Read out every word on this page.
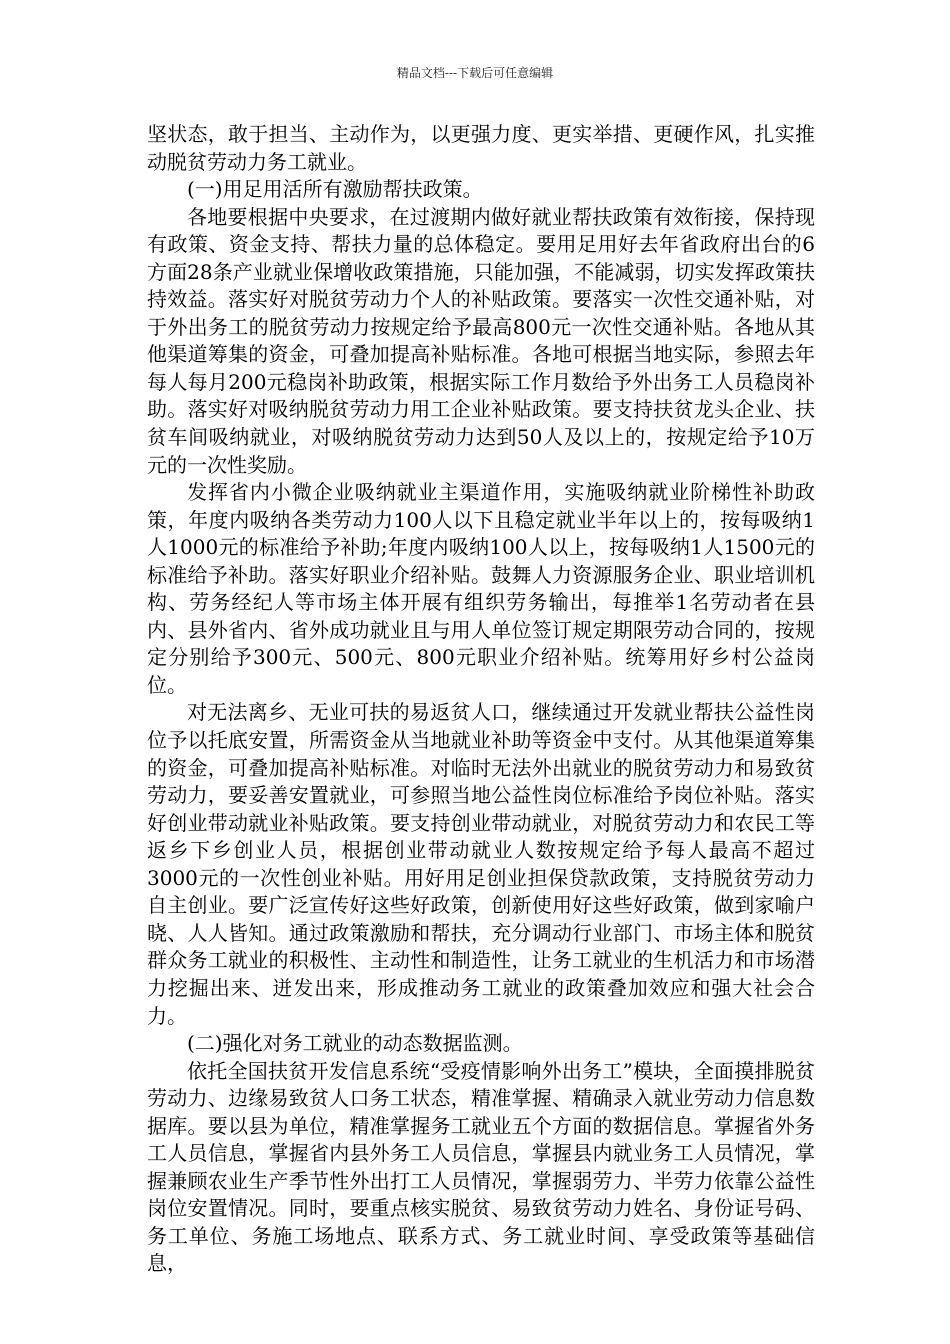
精品文档---下载后可任意编辑

坚状态，敢于担当、主动作为，以更强力度、更实举措、更硬作风，扎实推动脱贫劳动力务工就业。

(一)用足用活所有激励帮扶政策。

各地要根据中央要求，在过渡期内做好就业帮扶政策有效衔接，保持现有政策、资金支持、帮扶力量的总体稳定。要用足用好去年省政府出台的6方面28条产业就业保增收政策措施，只能加强，不能减弱，切实发挥政策扶持效益。落实好对脱贫劳动力个人的补贴政策。要落实一次性交通补贴，对于外出务工的脱贫劳动力按规定给予最高800元一次性交通补贴。各地从其他渠道筹集的资金，可叠加提高补贴标准。各地可根据当地实际，参照去年每人每月200元稳岗补助政策，根据实际工作月数给予外出务工人员稳岗补助。落实好对吸纳脱贫劳动力用工企业补贴政策。要支持扶贫龙头企业、扶贫车间吸纳就业，对吸纳脱贫劳动力达到50人及以上的，按规定给予10万元的一次性奖励。

发挥省内小微企业吸纳就业主渠道作用，实施吸纳就业阶梯性补助政策，年度内吸纳各类劳动力100人以下且稳定就业半年以上的，按每吸纳1人1000元的标准给予补助;年度内吸纳100人以上，按每吸纳1人1500元的标准给予补助。落实好职业介绍补贴。鼓舞人力资源服务企业、职业培训机构、劳务经纪人等市场主体开展有组织劳务输出，每推举1名劳动者在县内、县外省内、省外成功就业且与用人单位签订规定期限劳动合同的，按规定分别给予300元、500元、800元职业介绍补贴。统筹用好乡村公益岗位。

对无法离乡、无业可扶的易返贫人口，继续通过开发就业帮扶公益性岗位予以托底安置，所需资金从当地就业补助等资金中支付。从其他渠道筹集的资金，可叠加提高补贴标准。对临时无法外出就业的脱贫劳动力和易致贫劳动力，要妥善安置就业，可参照当地公益性岗位标准给予岗位补贴。落实好创业带动就业补贴政策。要支持创业带动就业，对脱贫劳动力和农民工等返乡下乡创业人员，根据创业带动就业人数按规定给予每人最高不超过3000元的一次性创业补贴。用好用足创业担保贷款政策，支持脱贫劳动力自主创业。要广泛宣传好这些好政策，创新使用好这些好政策，做到家喻户晓、人人皆知。通过政策激励和帮扶，充分调动行业部门、市场主体和脱贫群众务工就业的积极性、主动性和制造性，让务工就业的生机活力和市场潜力挖掘出来、迸发出来，形成推动务工就业的政策叠加效应和强大社会合力。

(二)强化对务工就业的动态数据监测。

依托全国扶贫开发信息系统“受疫情影响外出务工”模块，全面摸排脱贫劳动力、边缘易致贫人口务工状态，精准掌握、精确录入就业劳动力信息数据库。要以县为单位，精准掌握务工就业五个方面的数据信息。掌握省外务工人员信息，掌握省内县外务工人员信息，掌握县内就业务工人员情况，掌握兼顾农业生产季节性外出打工人员情况，掌握弱劳力、半劳力依靠公益性岗位安置情况。同时，要重点核实脱贫、易致贫劳动力姓名、身份证号码、务工单位、务施工场地点、联系方式、务工就业时间、享受政策等基础信息，
